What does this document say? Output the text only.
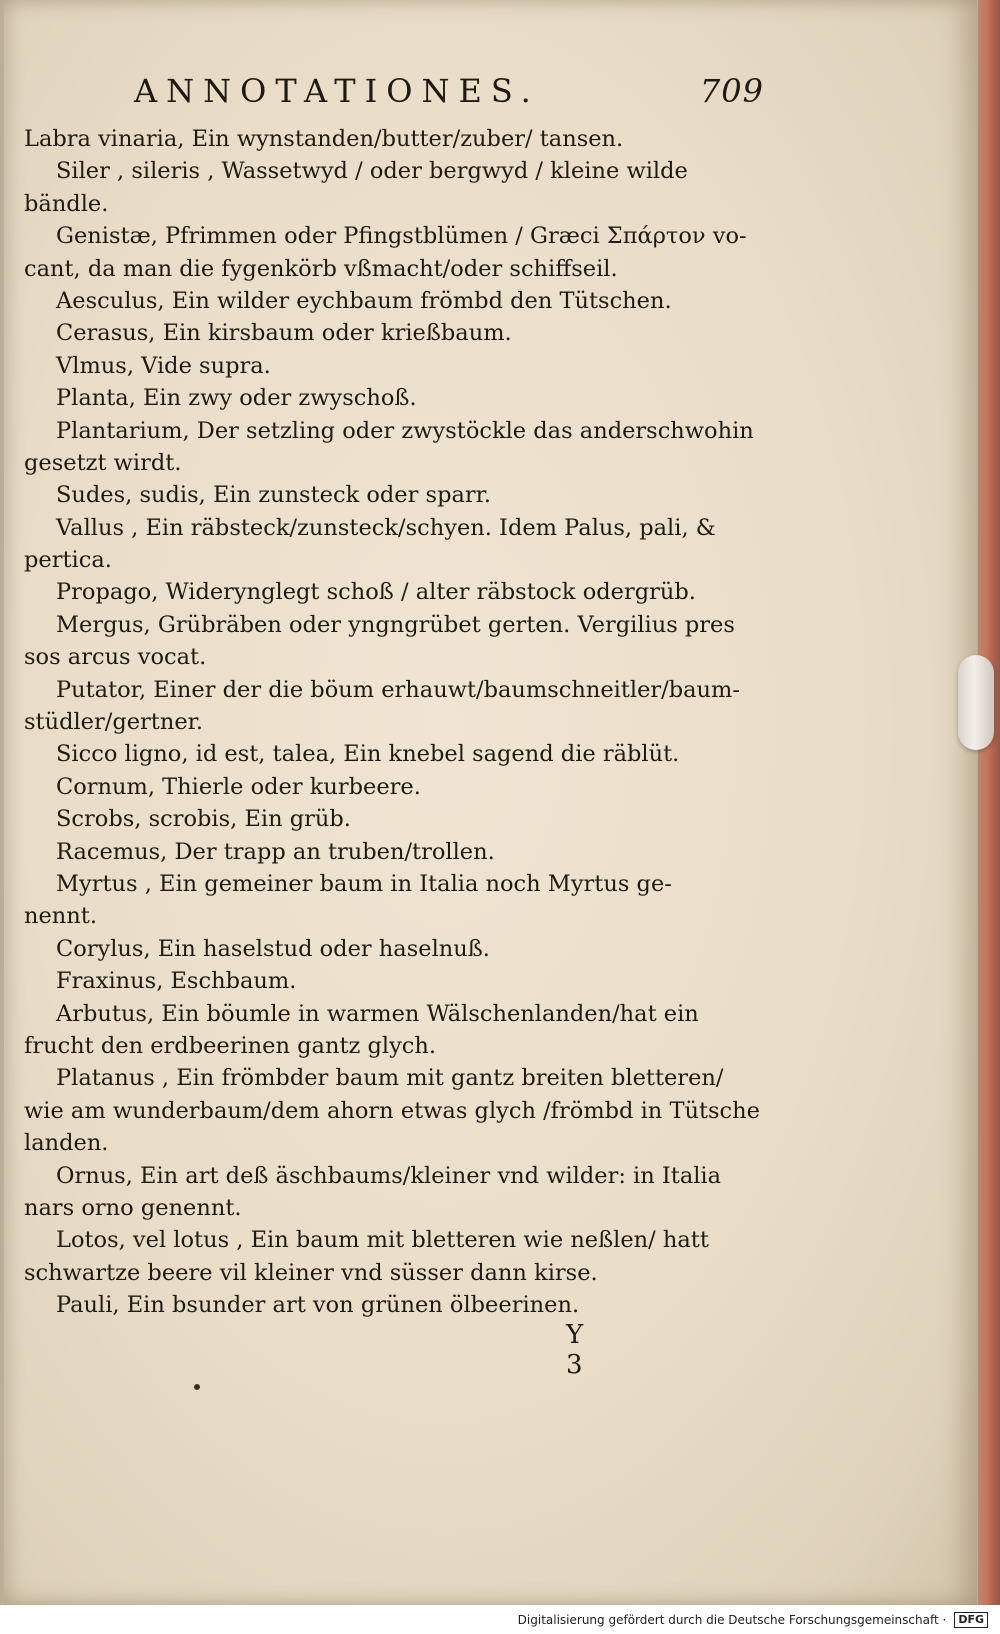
ANNOTATIONES.	709
Labra vinaria, Ein wynstanden/butter/zuber/ tansen.
Siler , sileris , Wassetwyd / oder bergwyd / kleine wilde
bändle.
Genistæ, Pfrimmen oder Pfingstblümen / Græci Σπάρτον vo-
cant, da man die fygenkörb vßmacht/oder schiffseil.
Aesculus, Ein wilder eychbaum frömbd den Tütschen.
Cerasus, Ein kirsbaum oder krießbaum.
Vlmus, Vide supra.
Planta, Ein zwy oder zwyschoß.
Plantarium, Der setzling oder zwystöckle das anderschwohin
gesetzt wirdt.
Sudes, sudis, Ein zunsteck oder sparr.
Vallus , Ein räbsteck/zunsteck/schyen. Idem Palus, pali, &
pertica.
Propago, Widerynglegt schoß / alter räbstock odergrüb.
Mergus, Grübräben oder yngngrübet gerten. Vergilius pres
sos arcus vocat.
Putator, Einer der die böum erhauwt/baumschneitler/baum-
stüdler/gertner.
Sicco ligno, id est, talea, Ein knebel sagend die räblüt.
Cornum, Thierle oder kurbeere.
Scrobs, scrobis, Ein grüb.
Racemus, Der trapp an truben/trollen.
Myrtus , Ein gemeiner baum in Italia noch Myrtus ge-
nennt.
Corylus, Ein haselstud oder haselnuß.
Fraxinus, Eschbaum.
Arbutus, Ein böumle in warmen Wälschenlanden/hat ein
frucht den erdbeerinen gantz glych.
Platanus , Ein frömbder baum mit gantz breiten bletteren/
wie am wunderbaum/dem ahorn etwas glych /frömbd in Tütsche
landen.
Ornus, Ein art deß äschbaums/kleiner vnd wilder: in Italia
nars orno genennt.
Lotos, vel lotus , Ein baum mit bletteren wie neßlen/ hatt
schwartze beere vil kleiner vnd süsser dann kirse.
Pauli, Ein bsunder art von grünen ölbeerinen.
Y 3
Digitalisierung gefördert durch die Deutsche Forschungsgemeinschaft ·	DFG
